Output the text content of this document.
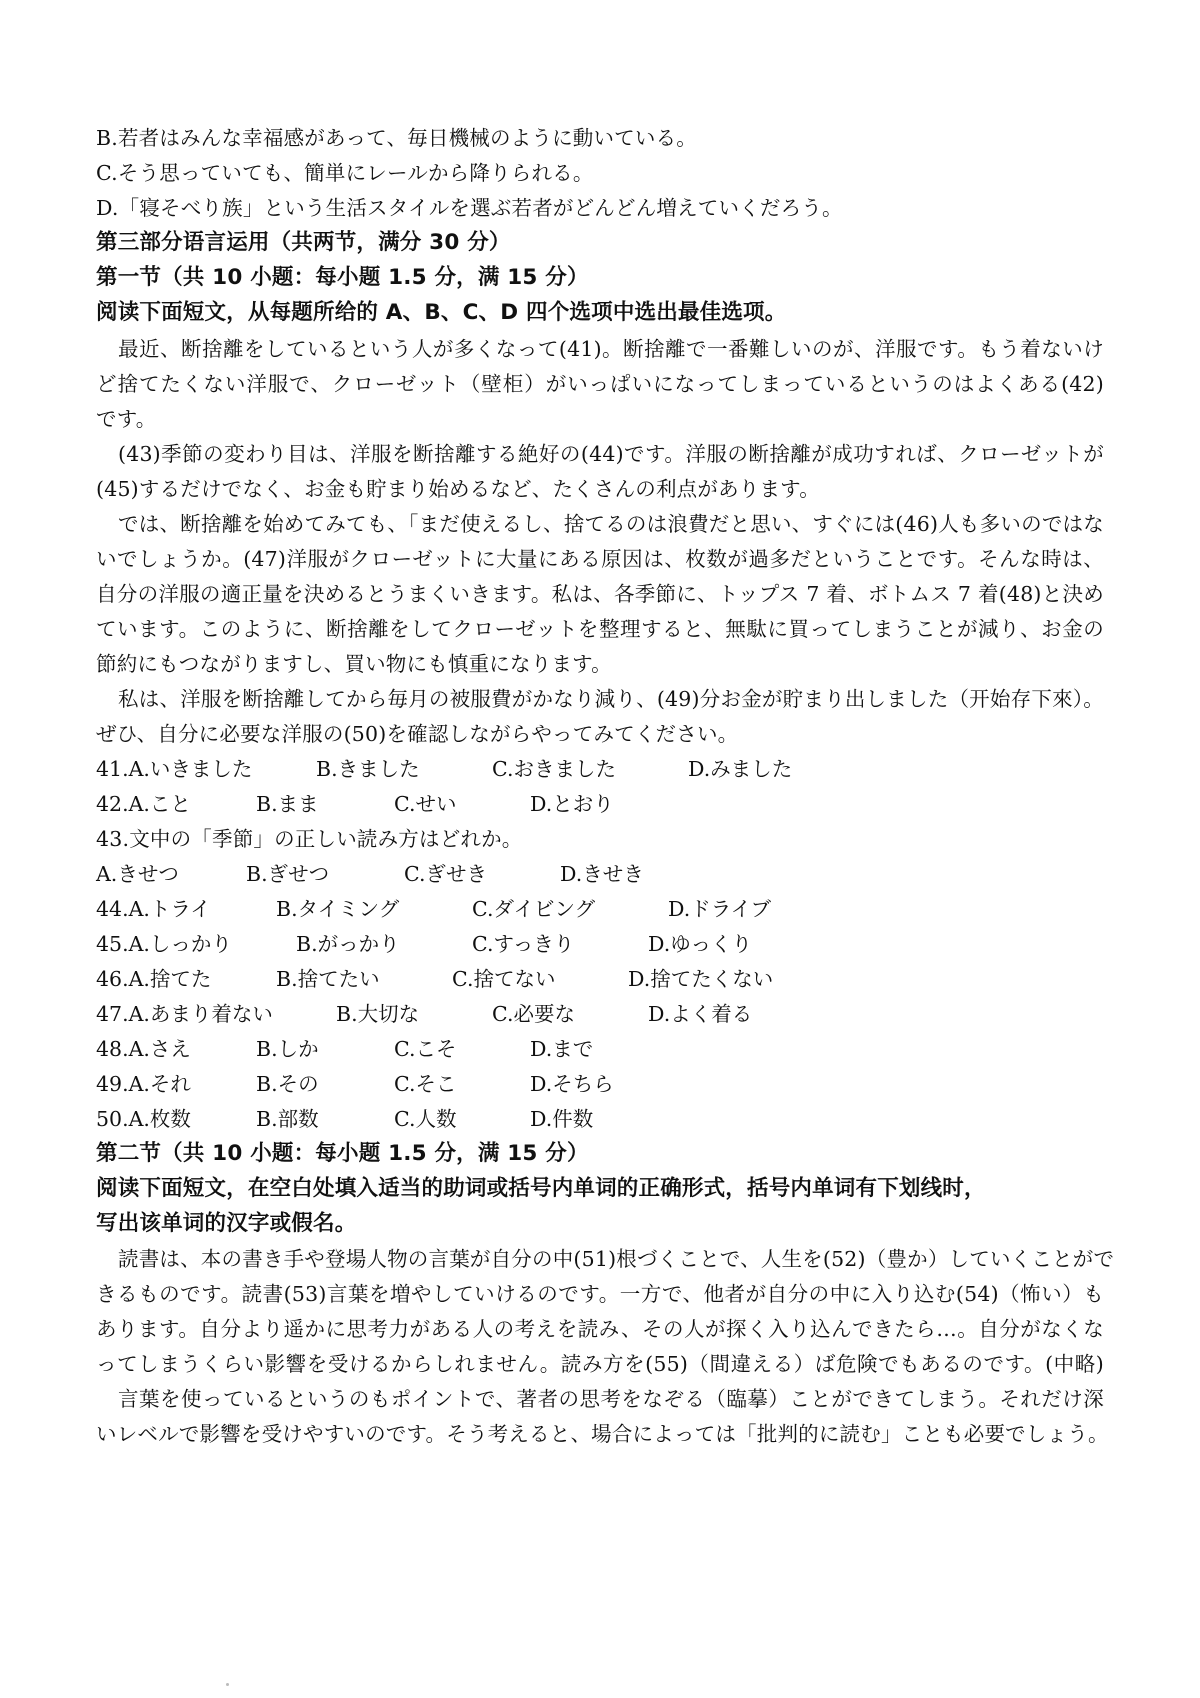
B.若者はみんな幸福感があって、毎日機械のように動いている。
C.そう思っていても、簡単にレールから降りられる。
D.「寝そべり族」という生活スタイルを選ぶ若者がどんどん増えていくだろう。
第三部分语言运用（共两节，满分 30 分）
第一节（共 10 小题：每小题 1.5 分，满 15 分）
阅读下面短文，从每题所给的 A、B、C、D 四个选项中选出最佳选项。
最近、断捨離をしているという人が多くなって(41)。断捨離で一番難しいのが、洋服です。もう着ないけ
ど捨てたくない洋服で、クローゼット（壁柜）がいっぱいになってしまっているというのはよくある(42)
です。
(43)季節の変わり目は、洋服を断捨離する絶好の(44)です。洋服の断捨離が成功すれば、クローゼットが
(45)するだけでなく、お金も貯まり始めるなど、たくさんの利点があります。
では、断捨離を始めてみても、「まだ使えるし、捨てるのは浪費だと思い、すぐには(46)人も多いのではな
いでしょうか。(47)洋服がクローゼットに大量にある原因は、枚数が過多だということです。そんな時は、
自分の洋服の適正量を決めるとうまくいきます。私は、各季節に、トップス 7 着、ボトムス 7 着(48)と決め
ています。このように、断捨離をしてクローゼットを整理すると、無駄に買ってしまうことが減り、お金の
節約にもつながりますし、買い物にも慎重になります。
私は、洋服を断捨離してから毎月の被服費がかなり減り、(49)分お金が貯まり出しました（开始存下來）。
ぜひ、自分に必要な洋服の(50)を確認しながらやってみてください。
41.A.いきました	B.きました	C.おきました	D.みました
42.A.こと	B.まま	C.せい	D.とおり
43.文中の「季節」の正しい読み方はどれか。
A.きせつ	B.ぎせつ	C.ぎせき	D.きせき
44.A.トライ	B.タイミング	C.ダイビング	D.ドライブ
45.A.しっかり	B.がっかり	C.すっきり	D.ゆっくり
46.A.捨てた	B.捨てたい	C.捨てない	D.捨てたくない
47.A.あまり着ない	B.大切な	C.必要な	D.よく着る
48.A.さえ	B.しか	C.こそ	D.まで
49.A.それ	B.その	C.そこ	D.そちら
50.A.枚数	B.部数	C.人数	D.件数
第二节（共 10 小题：每小题 1.5 分，满 15 分）
阅读下面短文，在空白处填入适当的助词或括号内单词的正确形式，括号内单词有下划线时，
写出该单词的汉字或假名。
読書は、本の書き手や登場人物の言葉が自分の中(51)根づくことで、人生を(52)（豊か）していくことがで
きるものです。読書(53)言葉を増やしていけるのです。一方で、他者が自分の中に入り込む(54)（怖い）も
あります。自分より遥かに思考力がある人の考えを読み、その人が探く入り込んできたら…。自分がなくな
ってしまうくらい影響を受けるからしれません。読み方を(55)（間違える）ば危険でもあるのです。(中略)
言葉を使っているというのもポイントで、著者の思考をなぞる（臨摹）ことができてしまう。それだけ深
いレベルで影響を受けやすいのです。そう考えると、場合によっては「批判的に読む」ことも必要でしょう。
